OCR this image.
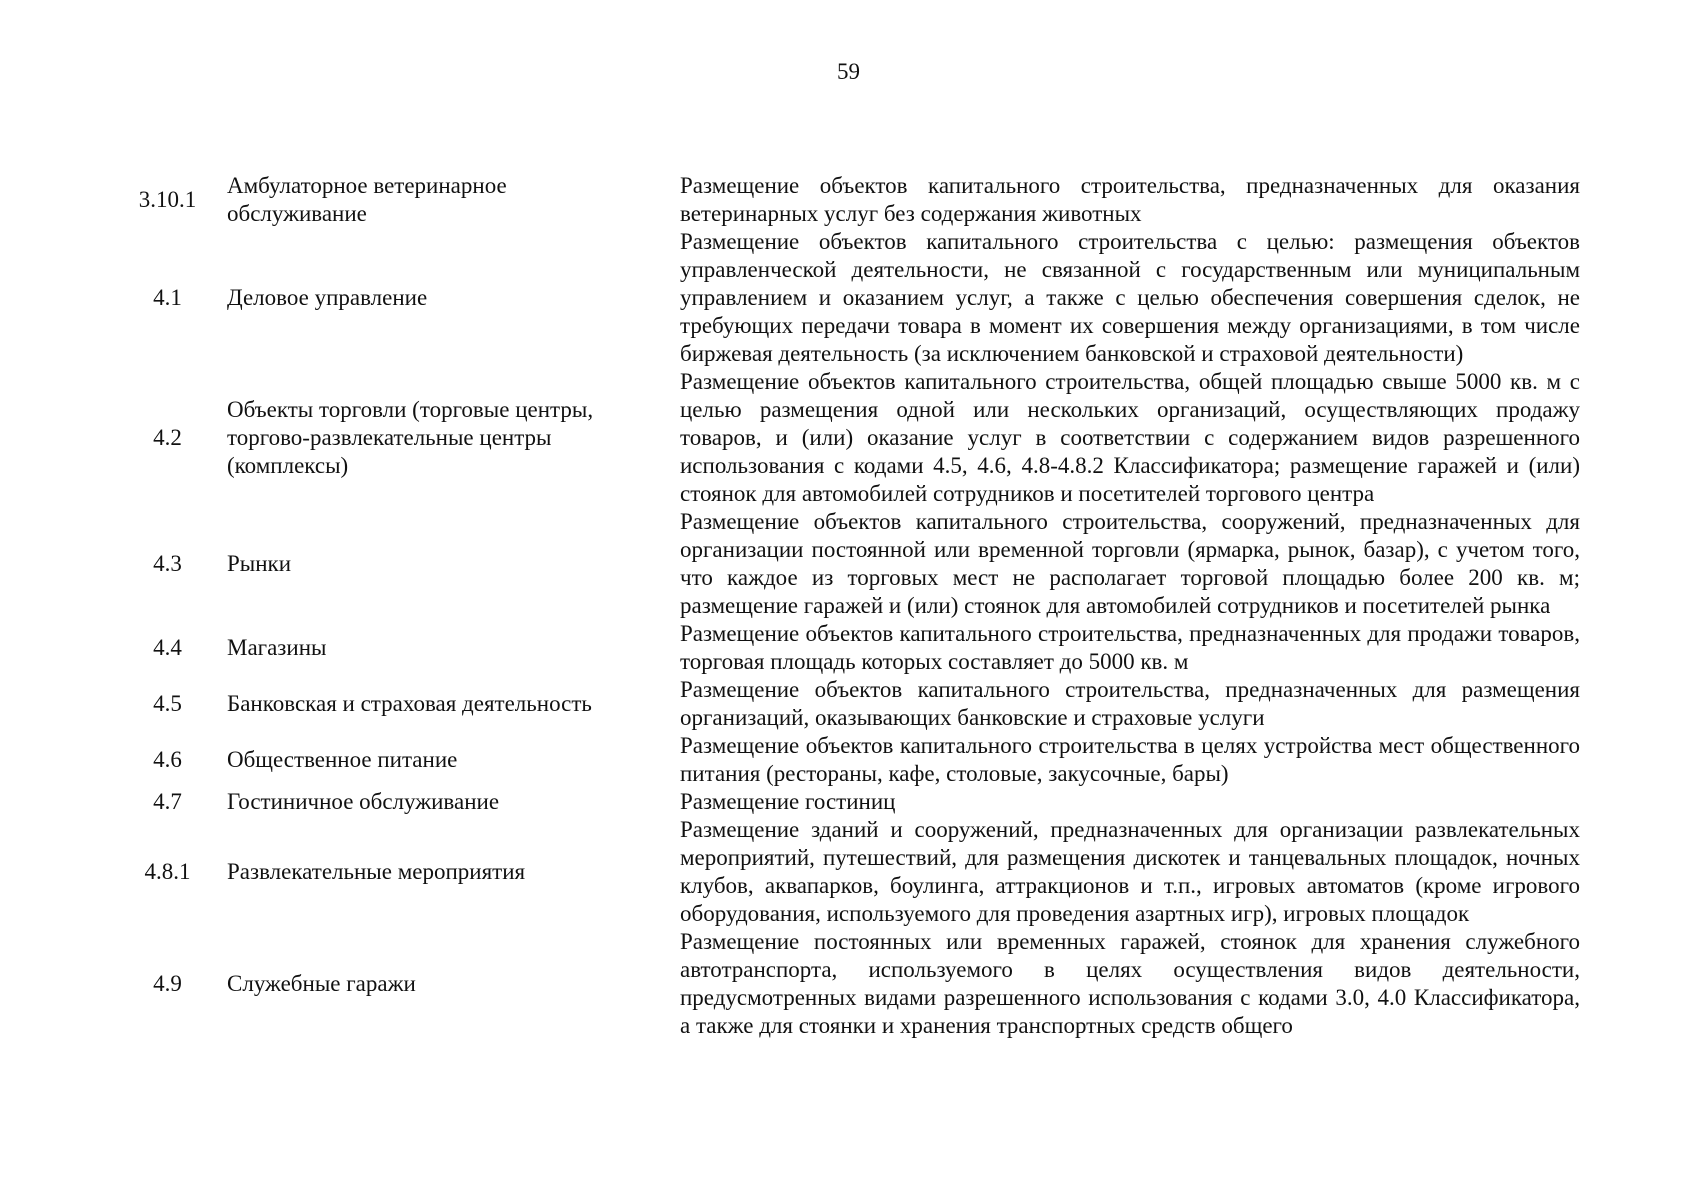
59
3.10.1	Амбулаторное ветеринарное обслуживание	Размещение объектов капитального строительства, предназначенных для оказания ветеринарных услуг без содержания животных
4.1	Деловое управление	Размещение объектов капитального строительства с целью: размещения объектов управленческой деятельности, не связанной с государственным или муниципальным управлением и оказанием услуг, а также с целью обеспечения совершения сделок, не требующих передачи товара в момент их совершения между организациями, в том числе биржевая деятельность (за исключением банковской и страховой деятельности)
4.2	Объекты торговли (торговые центры, торгово-развлекательные центры (комплексы)	Размещение объектов капитального строительства, общей площадью свыше 5000 кв. м с целью размещения одной или нескольких организаций, осуществляющих продажу товаров, и (или) оказание услуг в соответствии с содержанием видов разрешенного использования с кодами 4.5, 4.6, 4.8-4.8.2 Классификатора; размещение гаражей и (или) стоянок для автомобилей сотрудников и посетителей торгового центра
4.3	Рынки	Размещение объектов капитального строительства, сооружений, предназначенных для организации постоянной или временной торговли (ярмарка, рынок, базар), с учетом того, что каждое из торговых мест не располагает торговой площадью более 200 кв. м; размещение гаражей и (или) стоянок для автомобилей сотрудников и посетителей рынка
4.4	Магазины	Размещение объектов капитального строительства, предназначенных для продажи товаров, торговая площадь которых составляет до 5000 кв. м
4.5	Банковская и страховая деятельность	Размещение объектов капитального строительства, предназначенных для размещения организаций, оказывающих банковские и страховые услуги
4.6	Общественное питание	Размещение объектов капитального строительства в целях устройства мест общественного питания (рестораны, кафе, столовые, закусочные, бары)
4.7	Гостиничное обслуживание	Размещение гостиниц
4.8.1	Развлекательные мероприятия	Размещение зданий и сооружений, предназначенных для организации развлекательных мероприятий, путешествий, для размещения дискотек и танцевальных площадок, ночных клубов, аквапарков, боулинга, аттракционов и т.п., игровых автоматов (кроме игрового оборудования, используемого для проведения азартных игр), игровых площадок
4.9	Служебные гаражи	Размещение постоянных или временных гаражей, стоянок для хранения служебного автотранспорта, используемого в целях осуществления видов деятельности, предусмотренных видами разрешенного использования с кодами 3.0, 4.0 Классификатора, а также для стоянки и хранения транспортных средств общего
